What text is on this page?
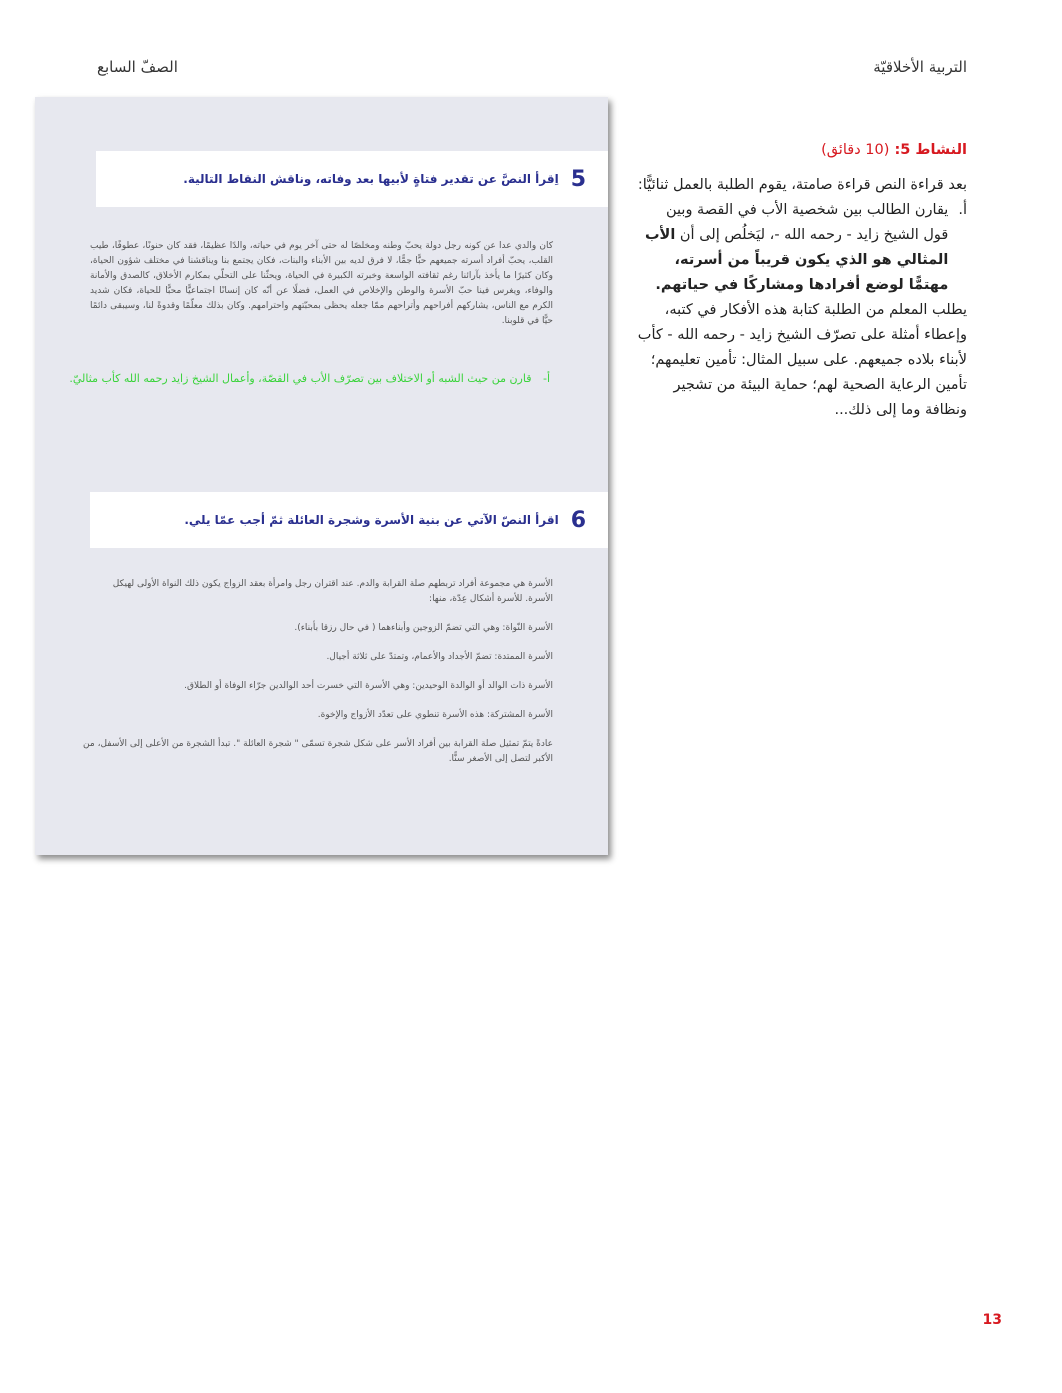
التربية الأخلاقيّة
الصفّ السابع
النشاط 5: (10 دقائق)

بعد قراءة النص قراءة صامتة، يقوم الطلبة بالعمل ثنائيًّا:

أ.
يقارن الطالب بين شخصية الأب في القصة وبين قول الشيخ زايد - رحمه الله -، ليَخلُص إلى أن الأب المثالي هو الذي يكون قريباً من أسرته، مهتمًّا لوضع أفرادها ومشاركًا في حياتهم.

يطلب المعلم من الطلبة كتابة هذه الأفكار في كتبه، وإعطاء أمثلة على تصرّف الشيخ زايد - رحمه الله - كأب لأبناء بلاده جميعهم. على سبيل المثال: تأمين تعليمهم؛ تأمين الرعاية الصحية لهم؛ حماية البيئة من تشجير ونظافة وما إلى ذلك...

5
اِقرأ النصَّ عن تقدير فتاةٍ لأبيها بعد وفاته، وناقش النقاط التالية.
كان والدي عدا عن كونه رجل دولة يحبّ وطنه ومخلصًا له حتى آخر يوم في حياته، والدًا عظيمًا، فقد كان حنونًا، عطوفًا، طيب القلب، يحبّ أفراد أسرته جميعهم حبًّا جمًّا، لا فرق لديه بين الأبناء والبنات، فكان يجتمع بنا ويناقشنا في مختلف شؤون الحياة، وكان كثيرًا ما يأخذ بآرائنا رغم ثقافته الواسعة وخبرته الكبيرة في الحياة، ويحثّنا على التحلّي بمكارم الأخلاق، كالصدق والأمانة والوفاء، ويغرس فينا حبّ الأسرة والوطن والإخلاص في العمل، فضلًا عن أنّه كان إنسانًا اجتماعيًّا محبًّا للحياة، فكان شديد الكرم مع الناس، يشاركهم أفراحهم وأتراحهم ممّا جعله يحظى بمحبّتهم واحترامهم. وكان بذلك معلّمًا وقدوةً لنا، وسيبقى دائمًا حيًّا في قلوبنا.
أ- قارن من حيث الشبه أو الاختلاف بين تصرّف الأب في القصّة، وأعمال الشيخ زايد رحمه الله كأب مثاليّ.
6
اقرأ النصّ الآتي عن بنية الأسرة وشجرة العائلة ثمّ أجب عمّا يلي.

الأسرة هي مجموعة أفراد تربطهم صلة القرابة والدم. عند اقتران رجل وامرأة بعقد الزواج يكون ذلك النواة الأولى لهيكل الأسرة. للأسرة أشكال عِدّة، منها:

الأسرة النّواة: وهي التي تضمّ الزوجين وأبناءهما ( في حال رزقا بأبناء).

الأسرة الممتدة: تضمّ الأجداد والأعمام، وتمتدّ على ثلاثة أجيال.

الأسرة ذات الوالد أو الوالدة الوحيدين: وهي الأسرة التي خسرت أحد الوالدين جرّاء الوفاة أو الطلاق.

الأسرة المشتركة: هذه الأسرة تنطوي على تعدّد الأزواج والإخوة.

عادةً يتمّ تمثيل صلة القرابة بين أفراد الأسر على شكل شجرة تسمّى " شجرة العائلة ". تبدأ الشجرة من الأعلى إلى الأسفل، من الأكبر لتصل إلى الأصغر سنًّا.

13
